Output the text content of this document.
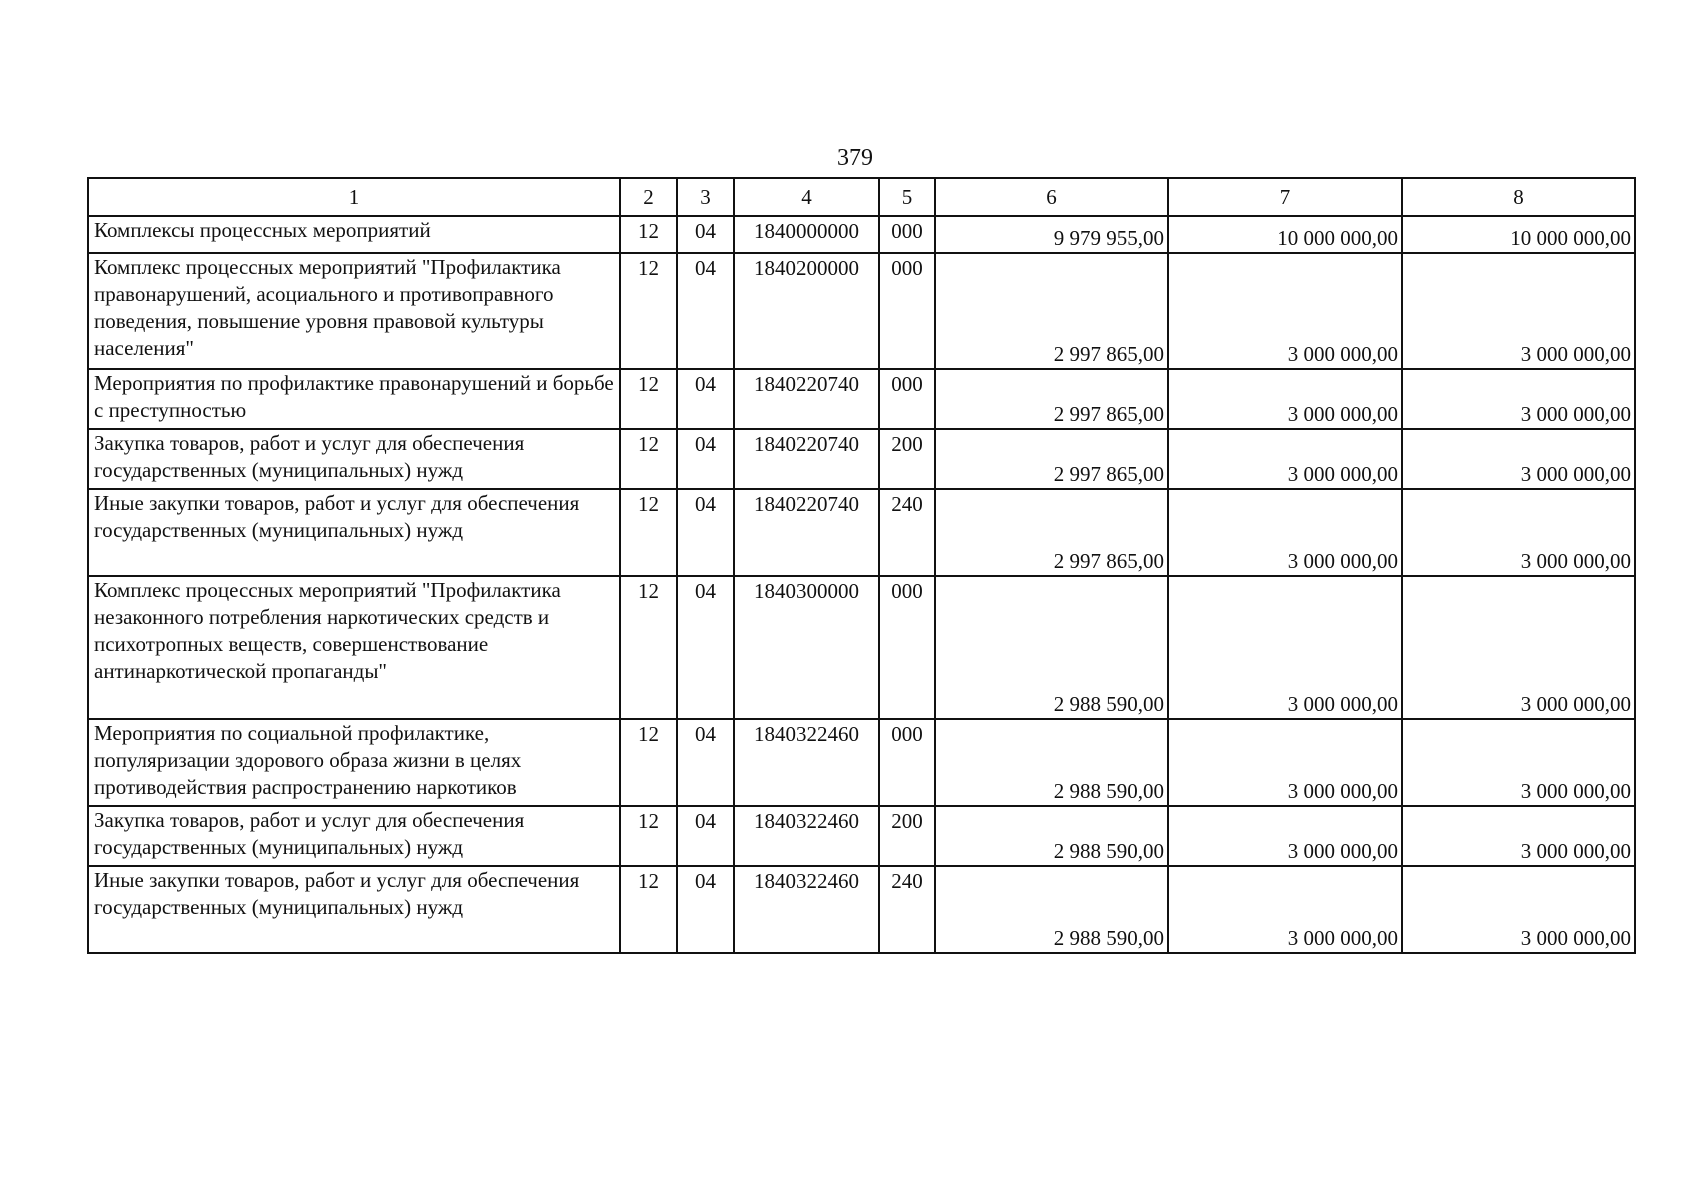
379
1	2	3	4	5	6	7	8
Комплексы процессных мероприятий	12	04	1840000000	000	9 979 955,00	10 000 000,00	10 000 000,00
Комплекс процессных мероприятий "Профилактика правонарушений, асоциального и противоправного поведения, повышение уровня правовой культуры населения"	12	04	1840200000	000	2 997 865,00	3 000 000,00	3 000 000,00
Мероприятия по профилактике правонарушений и борьбе с преступностью	12	04	1840220740	000	2 997 865,00	3 000 000,00	3 000 000,00
Закупка товаров, работ и услуг для обеспечения государственных (муниципальных) нужд	12	04	1840220740	200	2 997 865,00	3 000 000,00	3 000 000,00
Иные закупки товаров, работ и услуг для обеспечения государственных (муниципальных) нужд	12	04	1840220740	240	2 997 865,00	3 000 000,00	3 000 000,00
Комплекс процессных мероприятий "Профилактика незаконного потребления наркотических средств и психотропных веществ, совершенствование антинаркотической пропаганды"	12	04	1840300000	000	2 988 590,00	3 000 000,00	3 000 000,00
Мероприятия по социальной профилактике, популяризации здорового образа жизни в целях противодействия распространению наркотиков	12	04	1840322460	000	2 988 590,00	3 000 000,00	3 000 000,00
Закупка товаров, работ и услуг для обеспечения государственных (муниципальных) нужд	12	04	1840322460	200	2 988 590,00	3 000 000,00	3 000 000,00
Иные закупки товаров, работ и услуг для обеспечения государственных (муниципальных) нужд	12	04	1840322460	240	2 988 590,00	3 000 000,00	3 000 000,00
